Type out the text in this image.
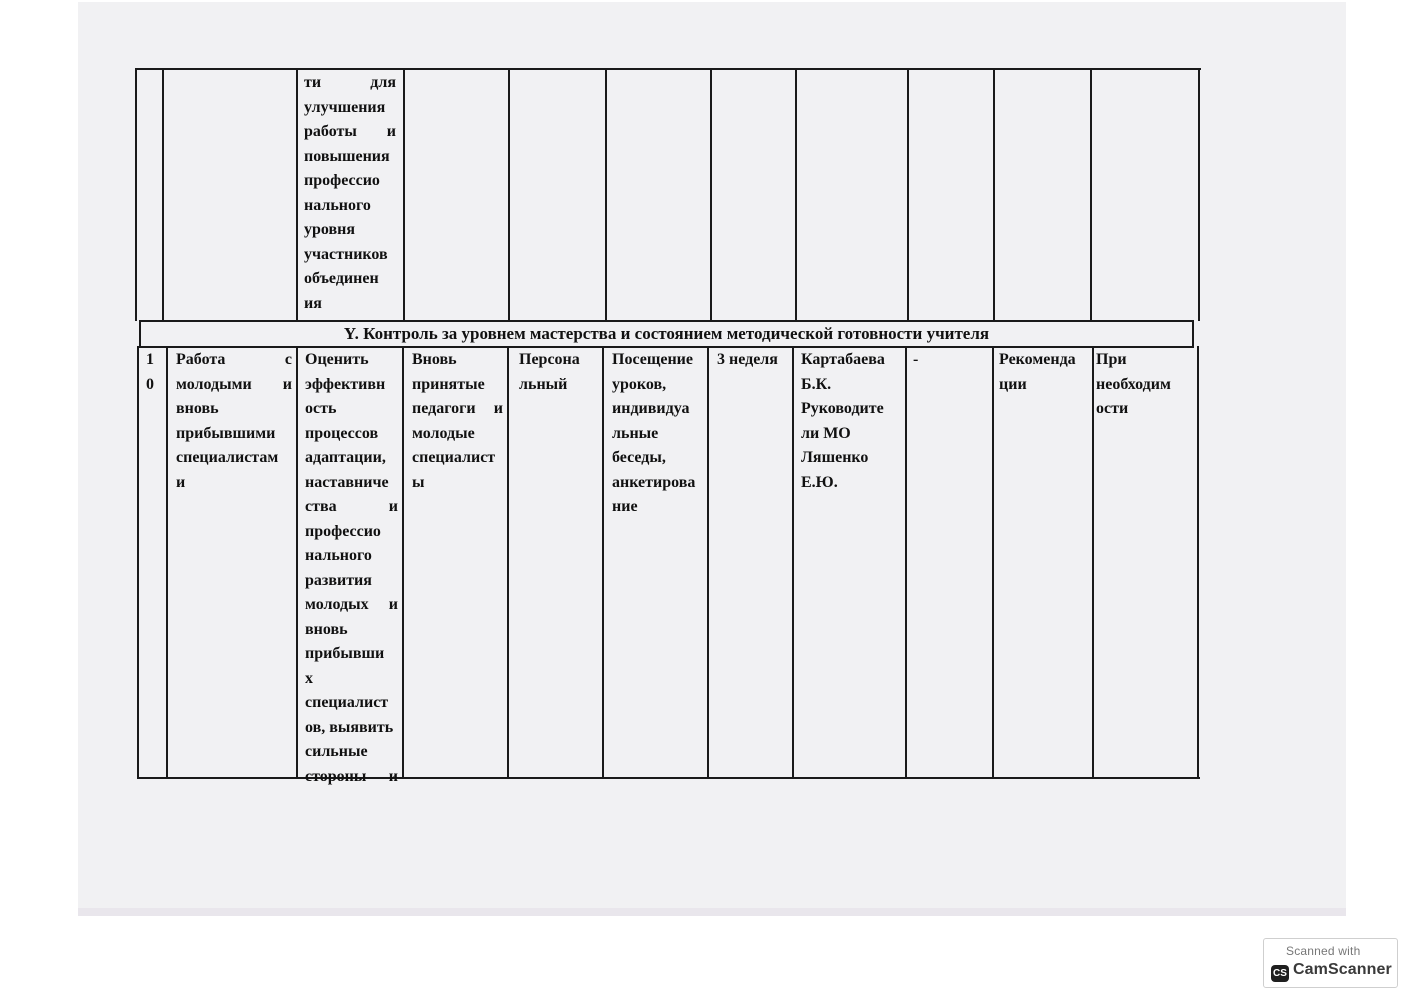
ти для
улучшения
работы и
повышения
профессио
нального
уровня
участников
объединен
ия
Y. Контроль за уровнем мастерства и состоянием методической готовности учителя
1
0
Работа с
молодыми и
вновь
прибывшими
специалистам
и
Оценить
эффективн
ость
процессов
адаптации,
наставниче
ства и
профессио
нального
развития
молодых и
вновь
прибывши
х
специалист
ов, выявить
сильные
стороны и
Вновь
принятые
педагоги и
молодые
специалист
ы
Персона
льный
Посещение
уроков,
индивидуа
льные
беседы,
анкетирова
ние
3 неделя	Картабаева
Б.К.
Руководите
ли МО
Ляшенко
Е.Ю.
-	Рекоменда
ции
При
необходим
ости
Scanned with
CS CamScanner
